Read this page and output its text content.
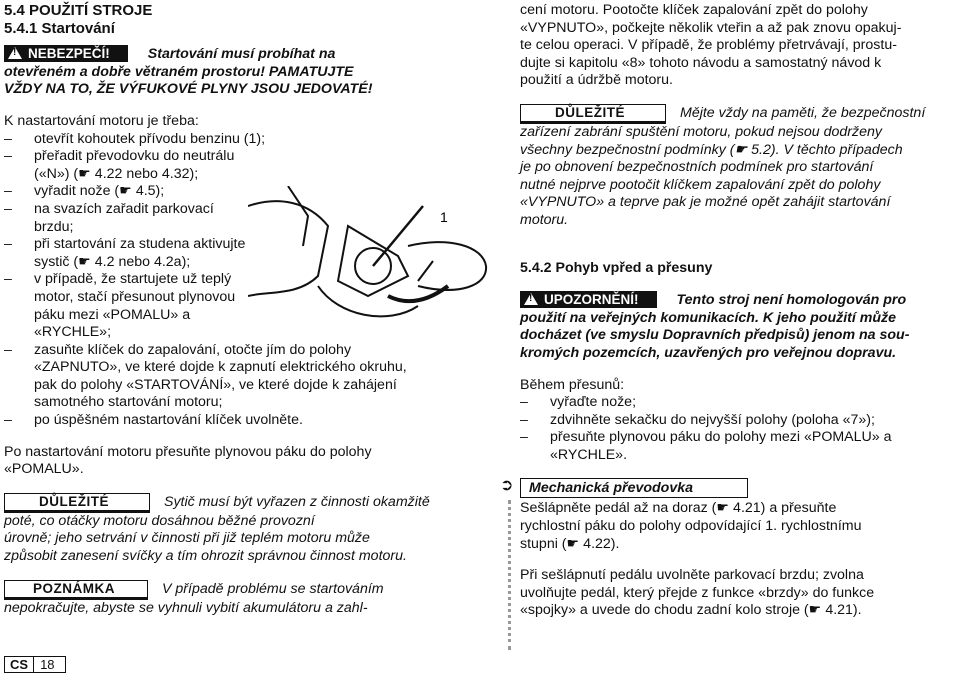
5.4 POUŽITÍ STROJE
5.4.1 Startování
!NEBEZPEČÍ!	Startování musí probíhat na
otevřeném a dobře větraném prostoru! PAMATUJTE
VŽDY NA TO, ŽE VÝFUKOVÉ PLYNY JSOU JEDOVATÉ!
K nastartování motoru je třeba:
– otevřít kohoutek přívodu benzinu (1);
– přeřadit převodovku do neutrálu
(«N») (☛ 4.22 nebo 4.32);
– vyřadit nože (☛ 4.5);
– na svazích zařadit parkovací
brzdu;
– při startování za studena aktivujte
systič (☛ 4.2 nebo 4.2a);
– v případě, že startujete už teplý
motor, stačí přesunout plynovou
páku mezi «POMALU» a
«RYCHLE»;
– zasuňte klíček do zapalování, otočte jím do polohy
«ZAPNUTO», ve které dojde k zapnutí elektrického okruhu,
pak do polohy «STARTOVÁNÍ», ve které dojde k zahájení
samotného startování motoru;
– po úspěšném nastartování klíček uvolněte.
Po nastartování motoru přesuňte plynovou páku do polohy
«POMALU».
DŮLEŽITÉ	Sytič musí být vyřazen z činnosti okamžitě
poté, co otáčky motoru dosáhnou běžné provozní
úrovně; jeho setrvání v činnosti při již teplém motoru může
způsobit zanesení svíčky a tím ohrozit správnou činnost motoru.
POZNÁMKA	V případě problému se startováním
nepokračujte, abyste se vyhnuli vybití akumulátoru a zahl-
1
cení motoru. Pootočte klíček zapalování zpět do polohy
«VYPNUTO», počkejte několik vteřin a až pak znovu opakuj-
te celou operaci. V případě, že problémy přetrvávají, prostu-
dujte si kapitolu «8» tohoto návodu a samostatný návod k
použití a údržbě motoru.
DŮLEŽITÉ	Mějte vždy na paměti, že bezpečnostní
zařízení zabrání spuštění motoru, pokud nejsou dodrženy
všechny bezpečnostní podmínky (☛ 5.2). V těchto případech
je po obnovení bezpečnostních podmínek pro startování
nutné nejprve pootočit klíčkem zapalování zpět do polohy
«VYPNUTO» a teprve pak je možné opět zahájit startování
motoru.
5.4.2 Pohyb vpřed a přesuny
!UPOZORNĚNÍ!	Tento stroj není homologován pro
použití na veřejných komunikacích. K jeho použití může
docházet (ve smyslu Dopravních předpisů) jenom na sou-
kromých pozemcích, uzavřených pro veřejnou dopravu.
Během přesunů:
– vyřaďte nože;
– zdvihněte sekačku do nejvyšší polohy (poloha «7»);
– přesuňte plynovou páku do polohy mezi «POMALU» a
«RYCHLE».
➲ Mechanická převodovka
Sešlápněte pedál až na doraz (☛ 4.21) a přesuňte
rychlostní páku do polohy odpovídající 1. rychlostnímu
stupni (☛ 4.22).
Při sešlápnutí pedálu uvolněte parkovací brzdu; zvolna
uvolňujte pedál, který přejde z funkce «brzdy» do funkce
«spojky» a uvede do chodu zadní kolo stroje (☛ 4.21).
CS 18
